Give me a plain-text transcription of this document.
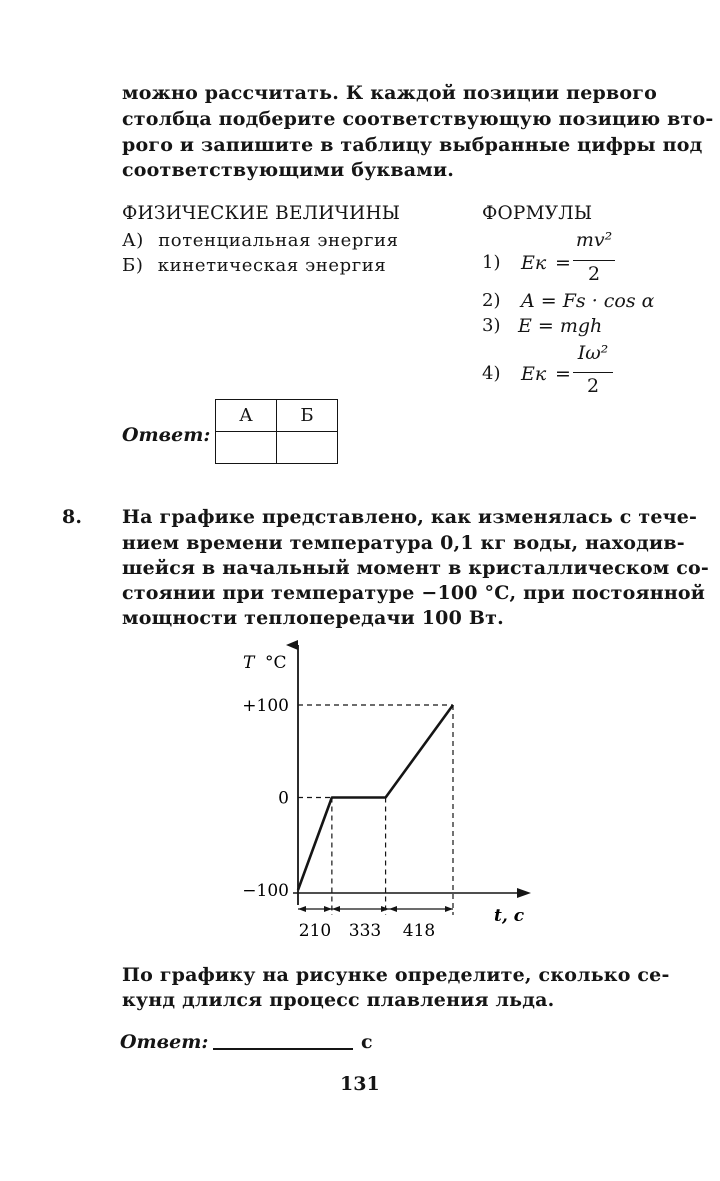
можно рассчитать. К каждой позиции первого
столбца подберите соответствующую позицию вто-
рого и запишите в таблицу выбранные цифры под
соответствующими буквами.
ФИЗИЧЕСКИЕ ВЕЛИЧИНЫ	ФОРМУЛЫ
А) потенциальная энергия
Б) кинетическая энергия	1) Eк =
mv²
2
2) A = Fs · cos α
3) E = mgh
4) Eк =
Iω²
2
Ответ:
А	Б

8. На графике представлено, как изменялась с тече-
нием времени температура 0,1 кг воды, находив-
шейся в начальный момент в кристаллическом со-
стоянии при температуре −100 °С, при постоянной
мощности теплопередачи 100 Вт.
T °C
t, с
+100
0
−100
210 333 418
По графику на рисунке определите, сколько се-
кунд длился процесс плавления льда.
Ответ:	с
131
